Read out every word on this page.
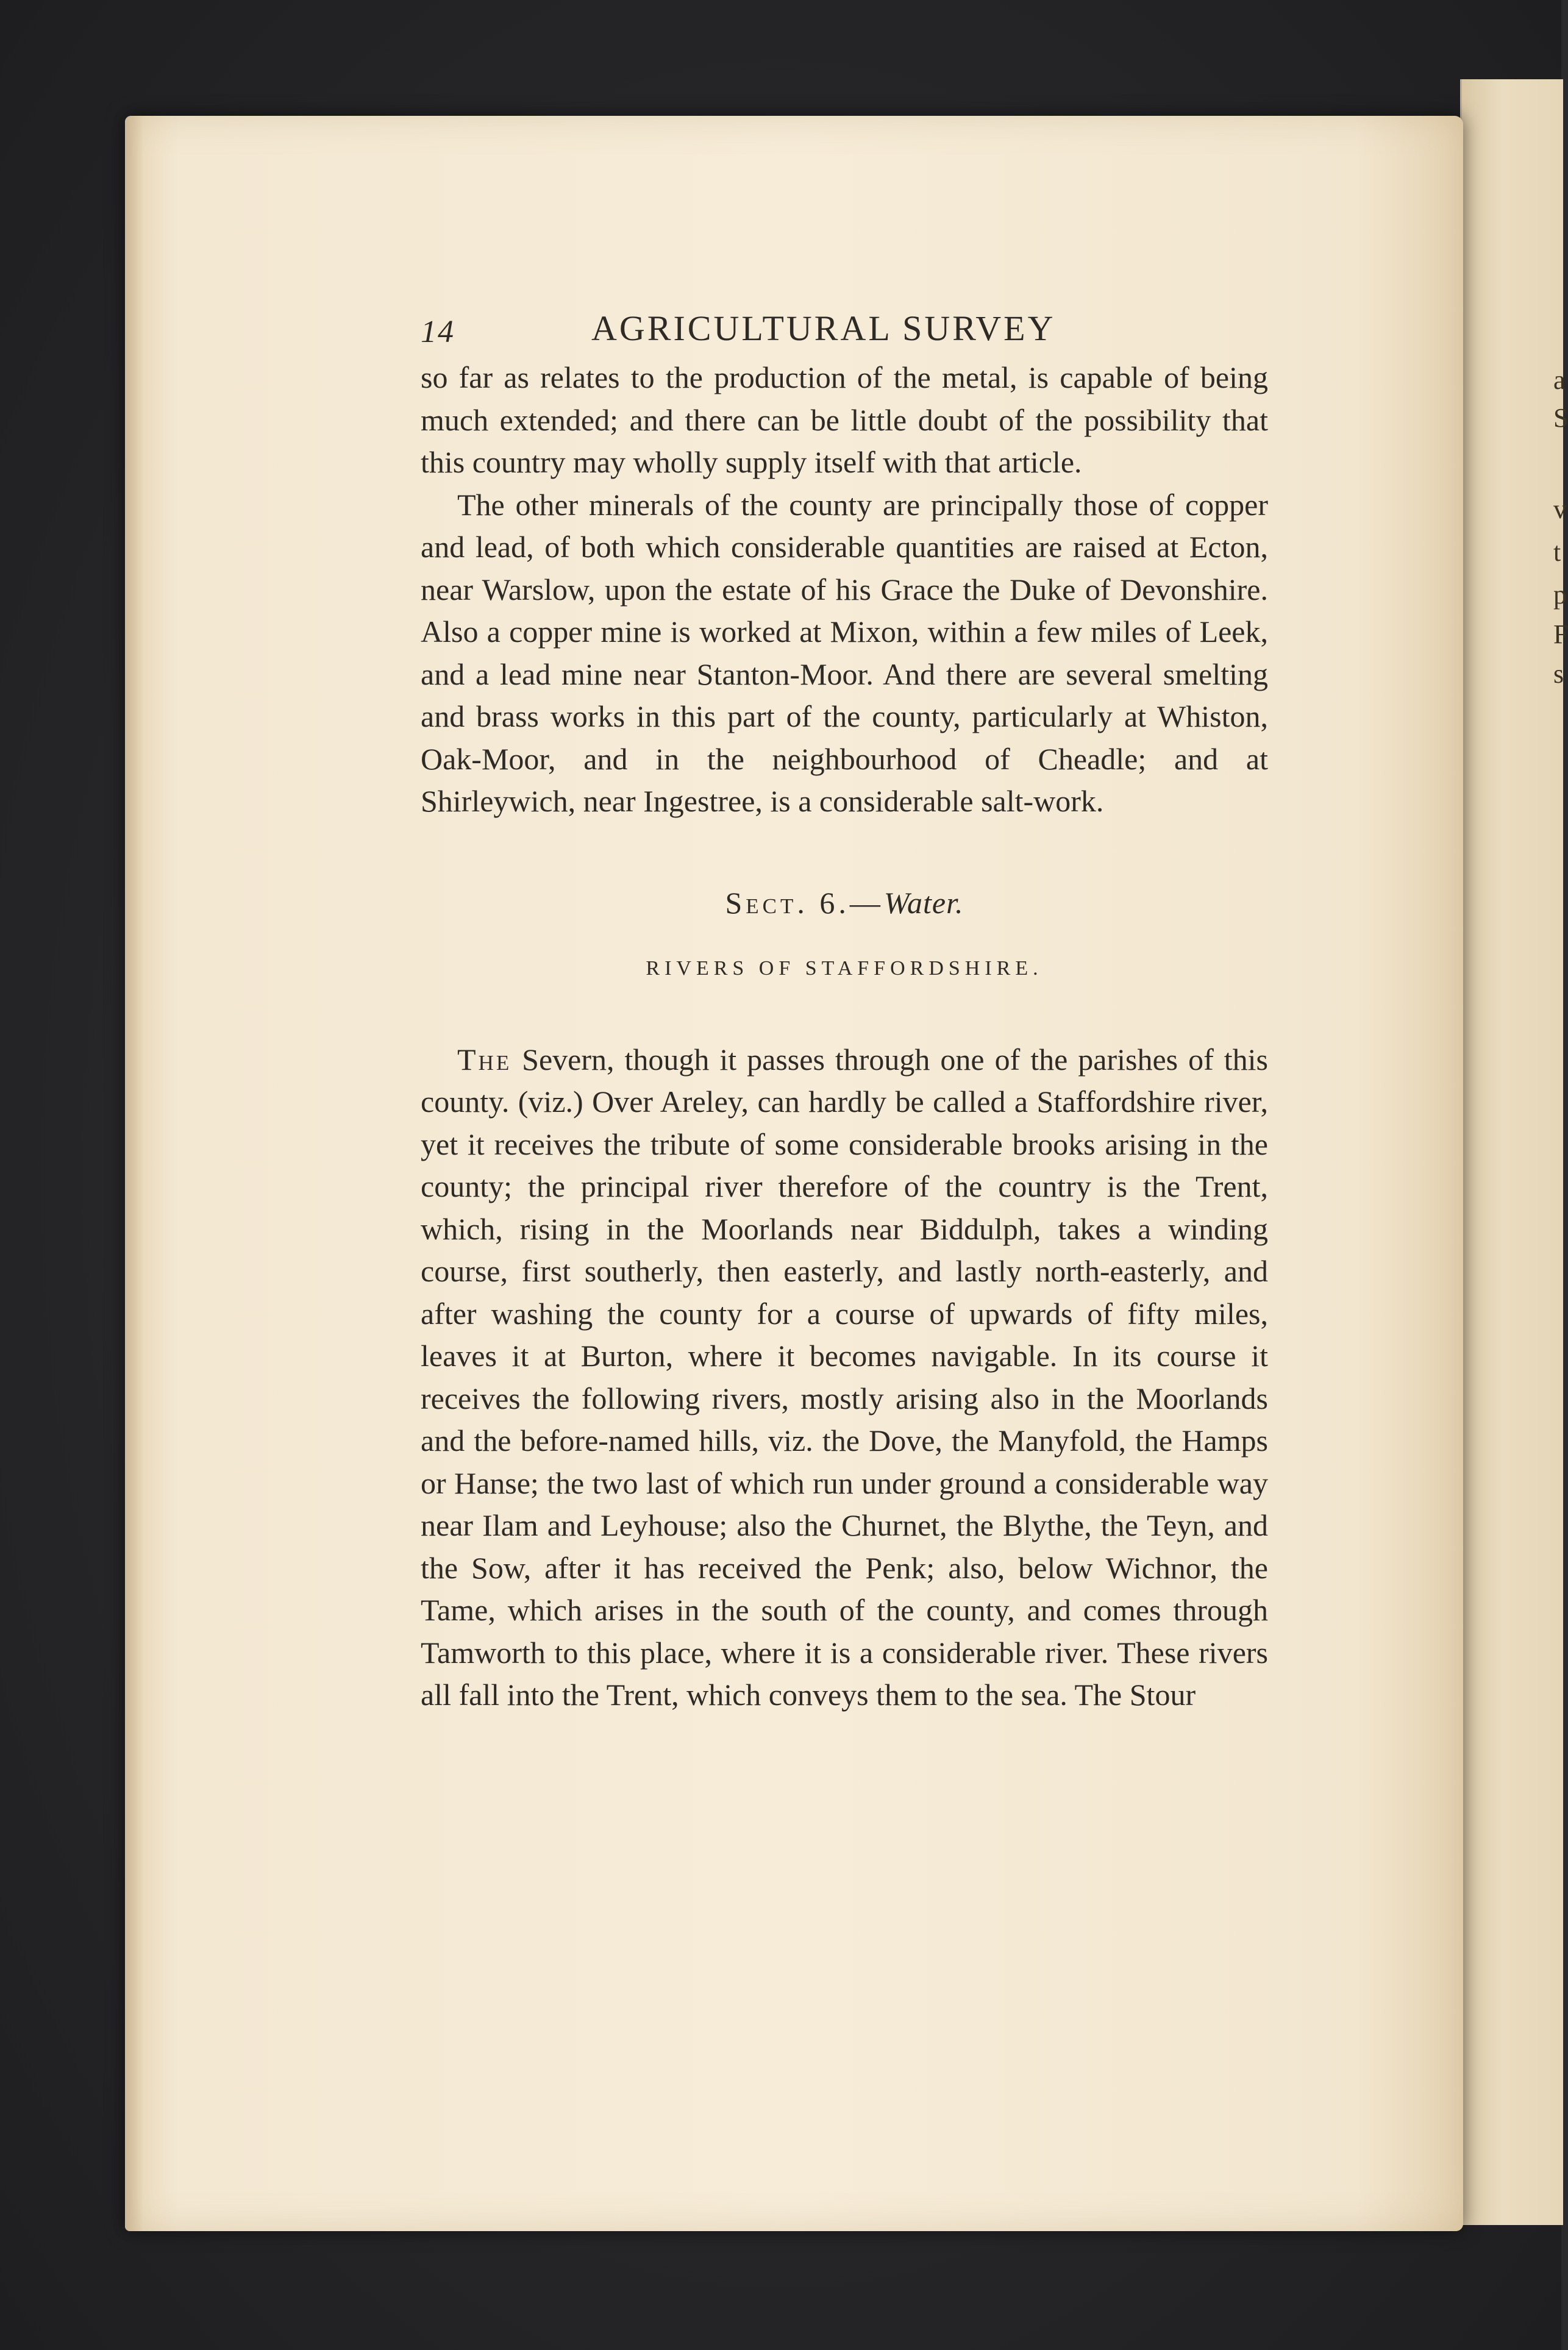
a
S
v
t
p
F
s
14	AGRICULTURAL SURVEY

so far as relates to the production of the metal, is capable of being much extended; and there can be little doubt of the possibility that this country may wholly supply itself with that article.

The other minerals of the county are principally those of copper and lead, of both which considerable quantities are raised at Ecton, near Warslow, upon the estate of his Grace the Duke of Devonshire. Also a copper mine is worked at Mixon, within a few miles of Leek, and a lead mine near Stanton-Moor. And there are several smelting and brass works in this part of the county, particularly at Whiston, Oak-Moor, and in the neighbourhood of Cheadle; and at Shirleywich, near Ingestree, is a considerable salt-work.

Sect. 6.—Water.
RIVERS OF STAFFORDSHIRE.

The Severn, though it passes through one of the parishes of this county. (viz.) Over Areley, can hardly be called a Staffordshire river, yet it receives the tribute of some considerable brooks arising in the county; the principal river therefore of the country is the Trent, which, rising in the Moorlands near Biddulph, takes a winding course, first southerly, then easterly, and lastly north-easterly, and after washing the county for a course of upwards of fifty miles, leaves it at Burton, where it becomes navigable. In its course it receives the following rivers, mostly arising also in the Moorlands and the before-named hills, viz. the Dove, the Manyfold, the Hamps or Hanse; the two last of which run under ground a considerable way near Ilam and Leyhouse; also the Churnet, the Blythe, the Teyn, and the Sow, after it has received the Penk; also, below Wichnor, the Tame, which arises in the south of the county, and comes through Tamworth to this place, where it is a considerable river. These rivers all fall into the Trent, which conveys them to the sea. The Stour
